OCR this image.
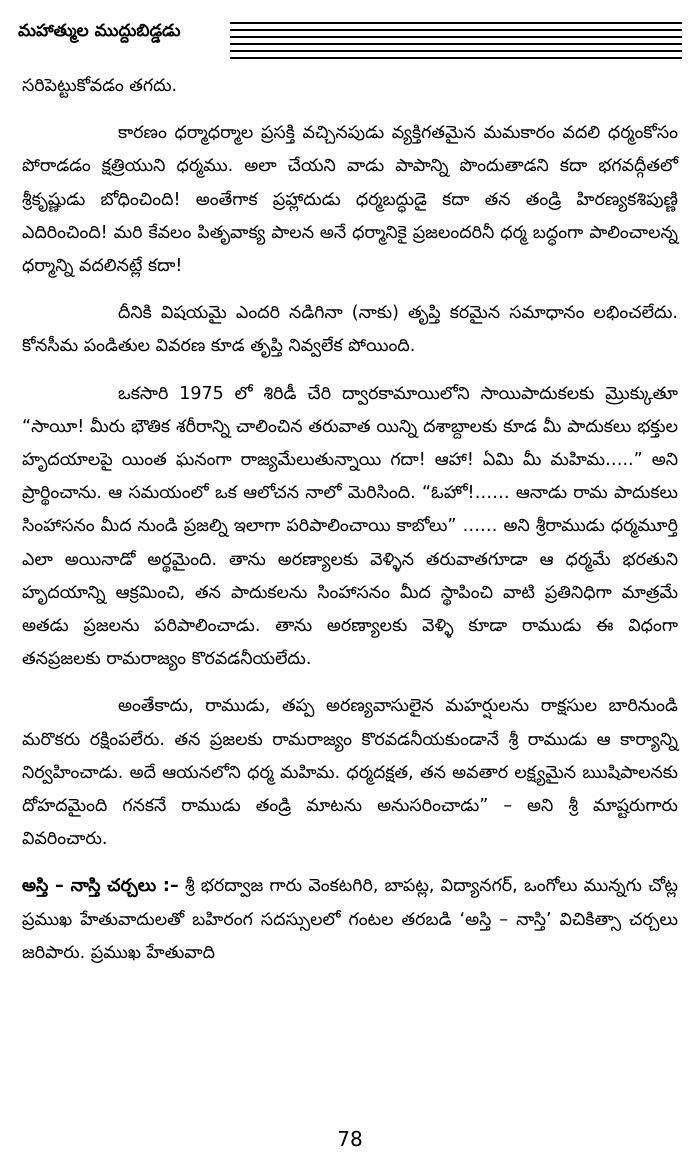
మహాత్ముల ముద్దుబిడ్డడు

సరిపెట్టుకోవడం తగదు.

కారణం ధర్మాధర్మాల ప్రసక్తి వచ్చినపుడు వ్యక్తిగతమైన మమకారం వదలి ధర్మంకోసం పోరాడడం క్షత్రియుని ధర్మము. అలా చేయని వాడు పాపాన్ని పొందుతాడని కదా భగవద్గీతలో శ్రీకృష్ణుడు బోధించింది! అంతేగాక ప్రహ్లాదుడు ధర్మబద్ధుడై కదా తన తండ్రి హిరణ్యకశిపుణ్ణి ఎదిరించింది! మరి కేవలం పితృవాక్య పాలన అనే ధర్మానికై ప్రజలందరినీ ధర్మ బద్ధంగా పాలించాలన్న ధర్మాన్ని వదలినట్లే కదా!

దీనికి విషయమై ఎందరి నడిగినా (నాకు) తృప్తి కరమైన సమాధానం లభించలేదు. కోనసీమ పండితుల వివరణ కూడ తృప్తి నివ్వలేక పోయింది.

ఒకసారి 1975 లో శిరిడీ చేరి ద్వారకామాయిలోని సాయిపాదుకలకు మ్రొక్కుతూ “సాయీ! మీరు భౌతిక శరీరాన్ని చాలించిన తరువాత యిన్ని దశాబ్దాలకు కూడ మీ పాదుకలు భక్తుల హృదయాలపై యింత ఘనంగా రాజ్యమేలుతున్నాయి గదా! ఆహా! ఏమి మీ మహిమ…..” అని ప్రార్థించాను. ఆ సమయంలో ఒక ఆలోచన నాలో మెరిసింది. “ఓహో!…… ఆనాడు రామ పాదుకలు సింహాసనం మీద నుండి ప్రజల్ని ఇలాగా పరిపాలించాయి కాబోలు” …… అని శ్రీరాముడు ధర్మమూర్తి ఎలా అయినాడో అర్థమైంది. తాను అరణ్యాలకు వెళ్ళిన తరువాతగూడా ఆ ధర్మమే భరతుని హృదయాన్ని ఆక్రమించి, తన పాదుకలను సింహాసనం మీద స్థాపించి వాటి ప్రతినిధిగా మాత్రమే అతడు ప్రజలను పరిపాలించాడు. తాను అరణ్యాలకు వెళ్ళి కూడా రాముడు ఈ విధంగా తనప్రజలకు రామరాజ్యం కొరవడనీయలేదు.

అంతేకాదు, రాముడు, తప్ప అరణ్యవాసులైన మహర్షులను రాక్షసుల బారినుండి మరొకరు రక్షింపలేరు. తన ప్రజలకు రామరాజ్యం కొరవడనీయకుండానే శ్రీ రాముడు ఆ కార్యాన్ని నిర్వహించాడు. అదే ఆయనలోని ధర్మ మహిమ. ధర్మదక్షత, తన అవతార లక్ష్యమైన ఋషిపాలనకు దోహదమైంది గనకనే రాముడు తండ్రి మాటను అనుసరించాడు” – అని శ్రీ మాష్టరుగారు వివరించారు.

అస్తి – నాస్తి చర్చలు :– శ్రీ భరద్వాజ గారు వెంకటగిరి, బాపట్ల, విద్యానగర్, ఒంగోలు మున్నగు చోట్ల ప్రముఖ హేతువాదులతో బహిరంగ సదస్సులలో గంటల తరబడి ‘అస్తి – నాస్తి’ విచికిత్సా చర్చలు జరిపారు. ప్రముఖ హేతువాది

78
